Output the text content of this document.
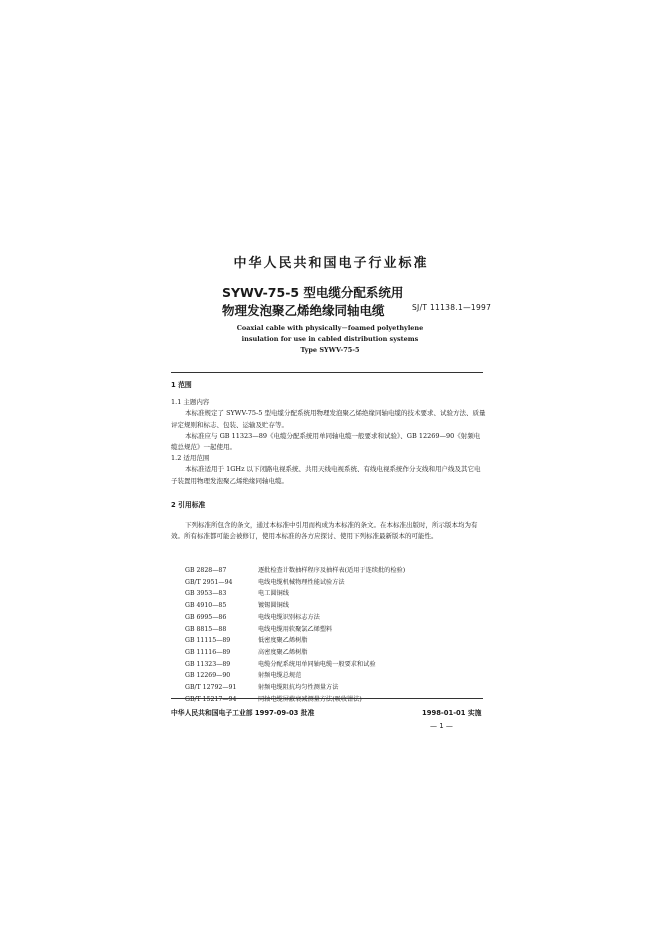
中华人民共和国电子行业标准
SYWV-75-5 型电缆分配系统用
物理发泡聚乙烯绝缘同轴电缆	SJ/T 11138.1—1997
Coaxial cable with physically－foamed polyethylene
insulation for use in cabled distribution systems
Type SYWV-75-5
1 范围
1.1 主题内容
本标准规定了 SYWV-75-5 型电缆分配系统用物理发泡聚乙烯绝缘同轴电缆的技术要求、试验方法、质量评定规则和标志、包装、运输及贮存等。
本标准应与 GB 11323—89《电缆分配系统用单同轴电缆一般要求和试验》、GB 12269—90《射频电缆总规范》一起使用。
1.2 适用范围
本标准适用于 1GHz 以下闭路电视系统、共用天线电视系统、有线电视系统作分支线和用户线及其它电子装置用物理发泡聚乙烯绝缘同轴电缆。
2 引用标准
下列标准所包含的条文，通过本标准中引用而构成为本标准的条文。在本标准出版时，所示版本均为有效。所有标准都可能会被修订，使用本标准的各方应探讨、使用下列标准最新版本的可能性。
GB 2828—87	逐批检查计数抽样程序及抽样表(适用于连续批的检验)
GB/T 2951—94	电线电缆机械物理性能试验方法
GB 3953—83	电工圆铜线
GB 4910—85	镀锡圆铜线
GB 6995—86	电线电缆识别标志方法
GB 8815—88	电线电缆用软聚氯乙烯塑料
GB 11115—89	低密度聚乙烯树脂
GB 11116—89	高密度聚乙烯树脂
GB 11323—89	电缆分配系统用单同轴电缆一般要求和试验
GB 12269—90	射频电缆总规范
GB/T 12792—91	射频电缆阻抗均匀性测量方法
GB/T 15217—94	同轴电缆屏蔽衰减测量方法(吸收钳法)
中华人民共和国电子工业部 1997-09-03 批准	1998-01-01 实施
— 1 —
